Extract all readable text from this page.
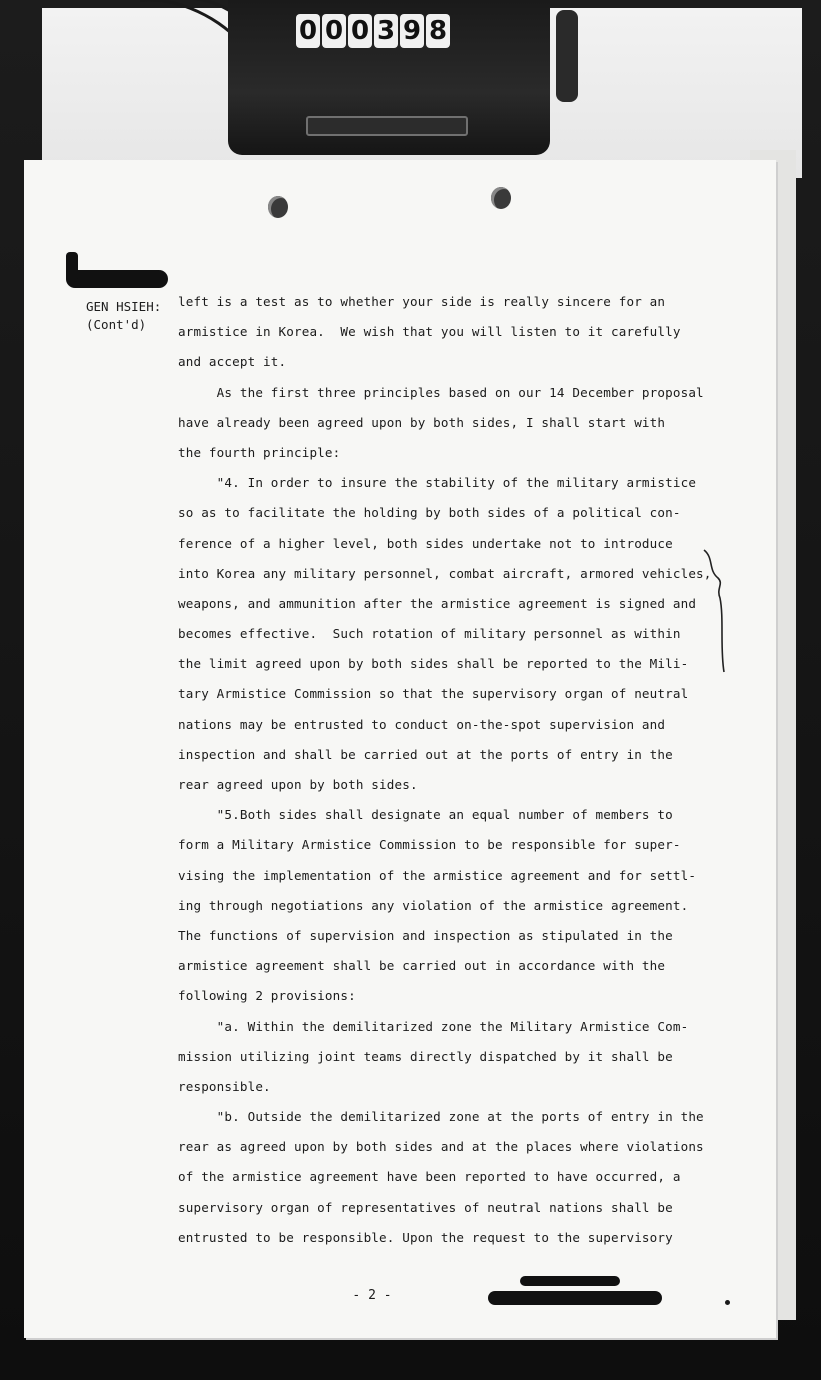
0 0 0 3 9 8
GEN HSIEH:
(Cont'd)
left is a test as to whether your side is really sincere for an
armistice in Korea.  We wish that you will listen to it carefully
and accept it.
As the first three principles based on our 14 December proposal
have already been agreed upon by both sides, I shall start with
the fourth principle:
"4. In order to insure the stability of the military armistice
so as to facilitate the holding by both sides of a political con-
ference of a higher level, both sides undertake not to introduce
into Korea any military personnel, combat aircraft, armored vehicles,
weapons, and ammunition after the armistice agreement is signed and
becomes effective.  Such rotation of military personnel as within
the limit agreed upon by both sides shall be reported to the Mili-
tary Armistice Commission so that the supervisory organ of neutral
nations may be entrusted to conduct on-the-spot supervision and
inspection and shall be carried out at the ports of entry in the
rear agreed upon by both sides.
"5.Both sides shall designate an equal number of members to
form a Military Armistice Commission to be responsible for super-
vising the implementation of the armistice agreement and for settl-
ing through negotiations any violation of the armistice agreement.
The functions of supervision and inspection as stipulated in the
armistice agreement shall be carried out in accordance with the
following 2 provisions:
"a. Within the demilitarized zone the Military Armistice Com-
mission utilizing joint teams directly dispatched by it shall be
responsible.
"b. Outside the demilitarized zone at the ports of entry in the
rear as agreed upon by both sides and at the places where violations
of the armistice agreement have been reported to have occurred, a
supervisory organ of representatives of neutral nations shall be
entrusted to be responsible. Upon the request to the supervisory
- 2 -
